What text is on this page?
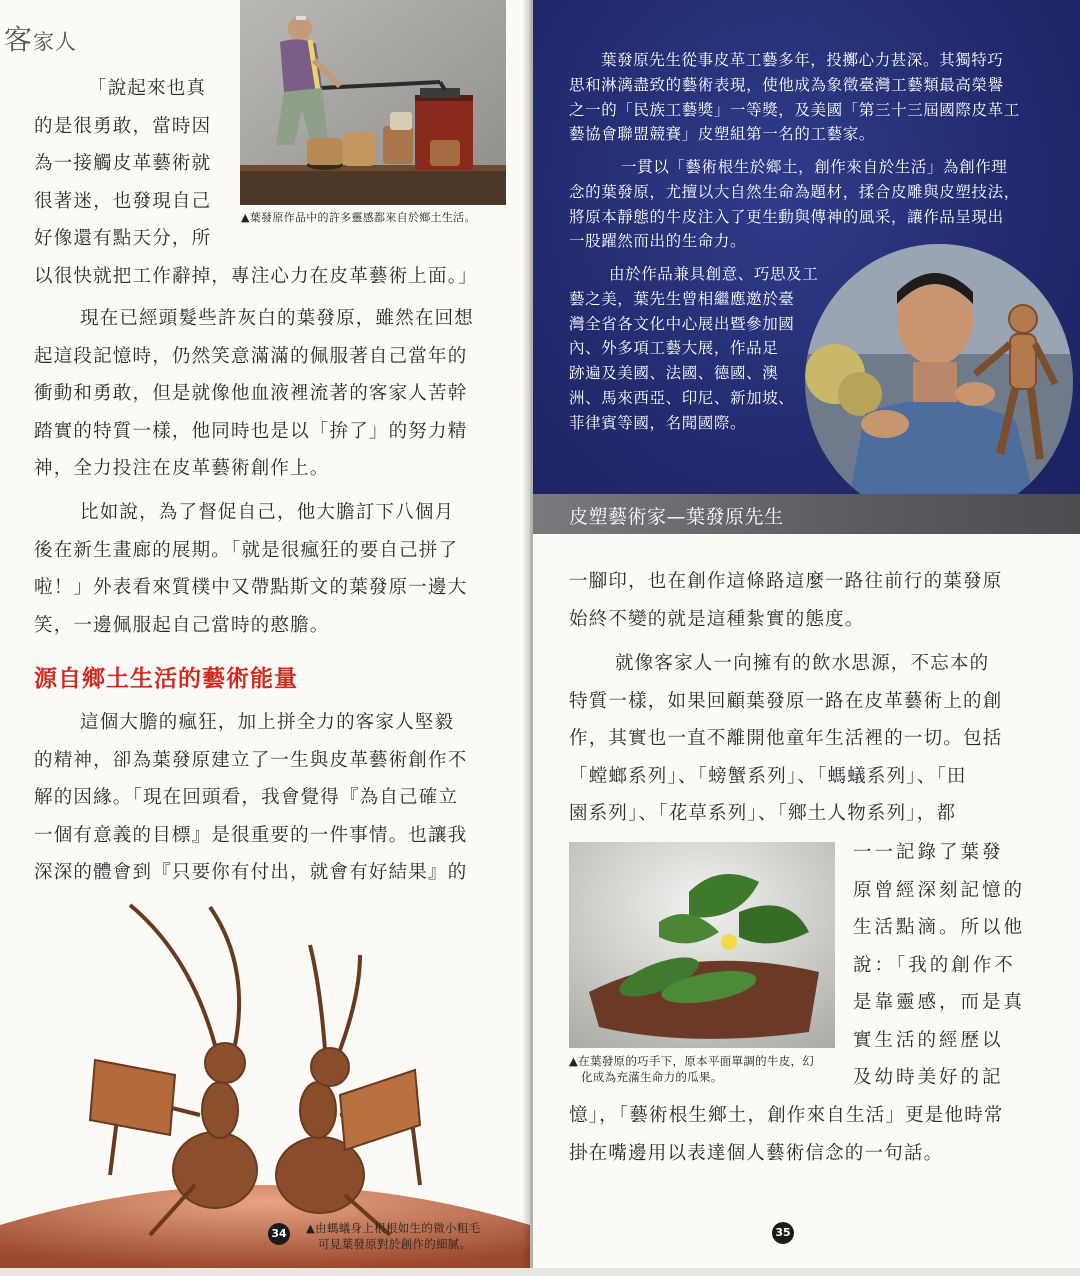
客家人
▲葉發原作品中的許多靈感都來自於鄉土生活。
「說起來也真
的是很勇敢，當時因
為一接觸皮革藝術就
很著迷，也發現自己
好像還有點天分，所
以很快就把工作辭掉，專注心力在皮革藝術上面。」
現在已經頭髮些許灰白的葉發原，雖然在回想
起這段記憶時，仍然笑意滿滿的佩服著自己當年的
衝動和勇敢，但是就像他血液裡流著的客家人苦幹
踏實的特質一樣，他同時也是以「拚了」的努力精
神，全力投注在皮革藝術創作上。
比如說，為了督促自己，他大膽訂下八個月
後在新生畫廊的展期。「就是很瘋狂的要自己拼了
啦！」外表看來質樸中又帶點斯文的葉發原一邊大
笑，一邊佩服起自己當時的憨膽。
源自鄉土生活的藝術能量
這個大膽的瘋狂，加上拼全力的客家人堅毅
的精神，卻為葉發原建立了一生與皮革藝術創作不
解的因緣。「現在回頭看，我會覺得『為自己確立
一個有意義的目標』是很重要的一件事情。也讓我
深深的體會到『只要你有付出，就會有好結果』的
34 ▲由螞蟻身上根根如生的微小粗毛
可見葉發原對於創作的細膩。
葉發原先生從事皮革工藝多年，投擲心力甚深。其獨特巧
思和淋漓盡致的藝術表現，使他成為象徵臺灣工藝類最高榮譽
之一的「民族工藝獎」一等獎，及美國「第三十三屆國際皮革工
藝協會聯盟競賽」皮塑組第一名的工藝家。
一貫以「藝術根生於鄉土，創作來自於生活」為創作理
念的葉發原，尤擅以大自然生命為題材，揉合皮雕與皮塑技法，
將原本靜態的牛皮注入了更生動與傳神的風采，讓作品呈現出
一股躍然而出的生命力。
由於作品兼具創意、巧思及工
藝之美，葉先生曾相繼應邀於臺
灣全省各文化中心展出暨參加國
內、外多項工藝大展，作品足
跡遍及美國、法國、德國、澳
洲、馬來西亞、印尼、新加坡、
菲律賓等國，名聞國際。
皮塑藝術家—葉發原先生
一腳印，也在創作這條路這麼一路往前行的葉發原
始終不變的就是這種紮實的態度。
就像客家人一向擁有的飲水思源，不忘本的
特質一樣，如果回顧葉發原一路在皮革藝術上的創
作，其實也一直不離開他童年生活裡的一切。包括
「螳螂系列」、「螃蟹系列」、「螞蟻系列」、「田
園系列」、「花草系列」、「鄉土人物系列」，都
▲在葉發原的巧手下，原本平面單調的牛皮，幻
化成為充滿生命力的瓜果。
一一記錄了葉發
原曾經深刻記憶的
生活點滴。所以他
說：「我的創作不
是靠靈感，而是真
實生活的經歷以
及幼時美好的記
憶」，「藝術根生鄉土，創作來自生活」更是他時常
掛在嘴邊用以表達個人藝術信念的一句話。
35
